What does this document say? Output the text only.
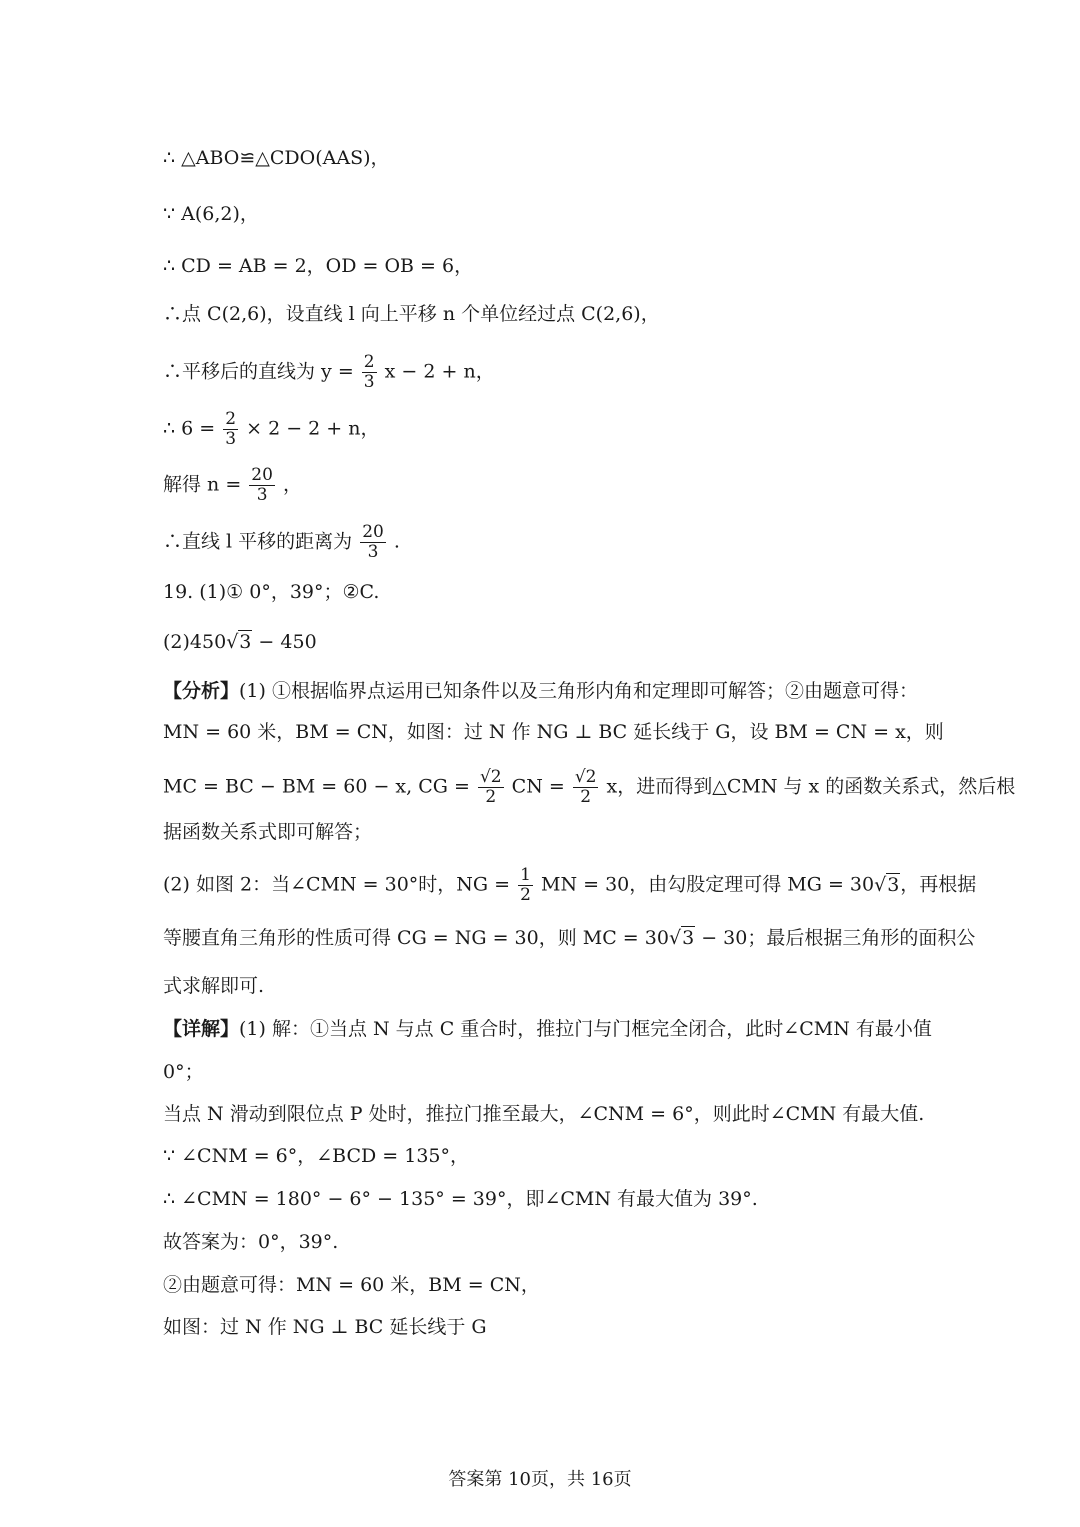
∴ △ABO≌△CDO(AAS)，
∵ A(6,2)，
∴ CD = AB = 2，OD = OB = 6，
∴点 C(2,6)，设直线 l 向上平移 n 个单位经过点 C(2,6)，
∴平移后的直线为 $y = \frac{2}{3}$ x − 2 + n，
∴ $6 = \frac{2}{3} \times 2 - 2 + n$，
解得 $n = \frac{20}{3}$ ，
∴直线 l 平移的距离为 $\frac{20}{3}$ .
19. (1)① 0°，39°；②C.
(2)450√3 − 450
【分析】(1) ①根据临界点运用已知条件以及三角形内角和定理即可解答；②由题意可得：
MN = 60 米，BM = CN，如图：过 N 作 NG ⊥ BC 延长线于 G，设 BM = CN = x，则
MC = BC − BM = 60 − x, CG = $\frac{√2}{2}$ CN = $\frac{√2}{2}$ x，进而得到△CMN 与 x 的函数关系式，然后根
据函数关系式即可解答；
(2) 如图 2：当∠CMN = 30°时，NG = $\frac{1}{2}$ MN = 30，由勾股定理可得 MG = 30√3，再根据
等腰直角三角形的性质可得 CG = NG = 30，则 MC = 30√3 − 30；最后根据三角形的面积公
式求解即可.
【详解】(1) 解：①当点 N 与点 C 重合时，推拉门与门框完全闭合，此时∠CMN 有最小值
0°；
当点 N 滑动到限位点 P 处时，推拉门推至最大，∠CNM = 6°，则此时∠CMN 有最大值.
∵ ∠CNM = 6°，∠BCD = 135°，
∴ ∠CMN = 180° − 6° − 135° = 39°，即∠CMN 有最大值为 39°.
故答案为：0°，39°.
②由题意可得：MN = 60 米，BM = CN，
如图：过 N 作 NG ⊥ BC 延长线于 G
答案第 10页，共 16页
